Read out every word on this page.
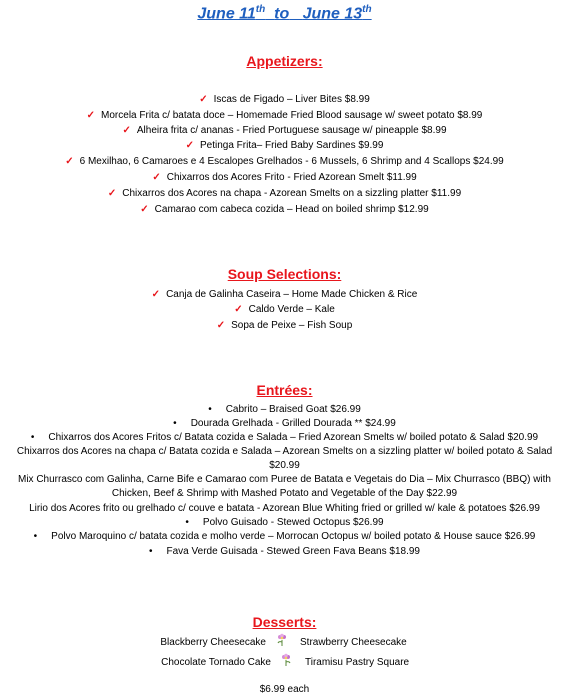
June 11th to June 13th
Appetizers:
✓ Iscas de Figado – Liver Bites $8.99
✓ Morcela Frita c/ batata doce – Homemade Fried Blood sausage w/ sweet potato $8.99
✓ Alheira frita c/ ananas - Fried Portuguese sausage w/ pineapple $8.99
✓ Petinga Frita– Fried Baby Sardines $9.99
✓ 6 Mexilhao, 6 Camaroes e 4 Escalopes Grelhados - 6 Mussels, 6 Shrimp and 4 Scallops $24.99
✓ Chixarros dos Acores Frito - Fried Azorean Smelt $11.99
✓ Chixarros dos Acores na chapa - Azorean Smelts on a sizzling platter $11.99
✓ Camarao com cabeca cozida – Head on boiled shrimp $12.99
Soup Selections:
✓ Canja de Galinha Caseira – Home Made Chicken & Rice
✓ Caldo Verde – Kale
✓ Sopa de Peixe – Fish Soup
Entrées:
• Cabrito – Braised Goat $26.99
• Dourada Grelhada - Grilled Dourada ** $24.99
• Chixarros dos Acores Fritos c/ Batata cozida e Salada – Fried Azorean Smelts w/ boiled potato & Salad $20.99
Chixarros dos Acores na chapa c/ Batata cozida e Salada – Azorean Smelts on a sizzling platter w/ boiled potato & Salad $20.99
Mix Churrasco com Galinha, Carne Bife e Camarao com Puree de Batata e Vegetais do Dia – Mix Churrasco (BBQ) with Chicken, Beef & Shrimp with Mashed Potato and Vegetable of the Day $22.99
Lirio dos Acores frito ou grelhado c/ couve e batata - Azorean Blue Whiting fried or grilled w/ kale & potatoes $26.99
• Polvo Guisado - Stewed Octopus $26.99
• Polvo Maroquino c/ batata cozida e molho verde – Morrocan Octopus w/ boiled potato & House sauce $26.99
• Fava Verde Guisada - Stewed Green Fava Beans $18.99
Desserts:
Blackberry Cheesecake	Strawberry Cheesecake
Chocolate Tornado Cake	Tiramisu Pastry Square
$6.99 each
